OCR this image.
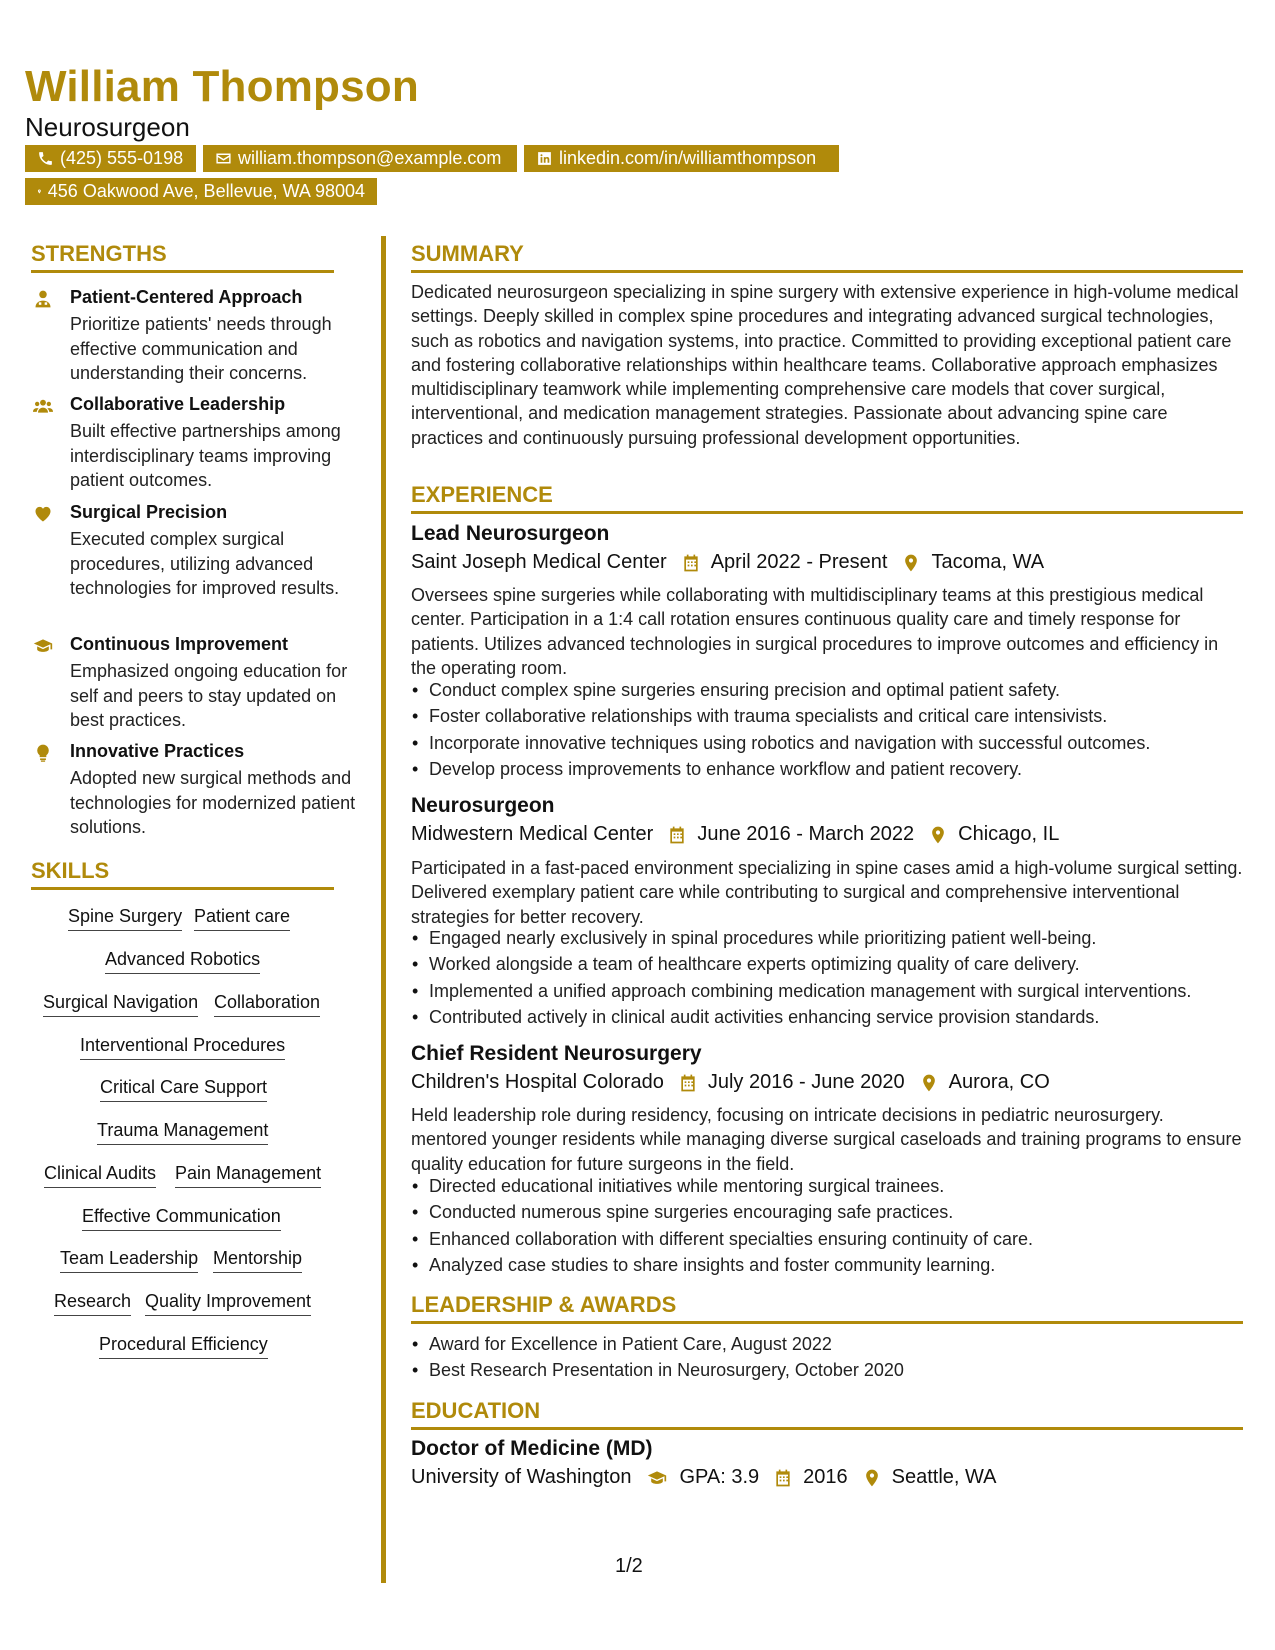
William Thompson
Neurosurgeon
(425) 555-0198	william.thompson@example.com	linkedin.com/in/williamthompson
456 Oakwood Ave, Bellevue, WA 98004
STRENGTHS
Patient-Centered Approach
Prioritize patients' needs through effective communication and understanding their concerns.
Collaborative Leadership
Built effective partnerships among interdisciplinary teams improving patient outcomes.
Surgical Precision
Executed complex surgical procedures, utilizing advanced technologies for improved results.
Continuous Improvement
Emphasized ongoing education for self and peers to stay updated on best practices.
Innovative Practices
Adopted new surgical methods and technologies for modernized patient solutions.
SKILLS
Spine Surgery Patient care
Advanced Robotics
Surgical Navigation Collaboration
Interventional Procedures
Critical Care Support
Trauma Management
Clinical Audits Pain Management
Effective Communication
Team Leadership Mentorship
Research Quality Improvement
Procedural Efficiency
SUMMARY
Dedicated neurosurgeon specializing in spine surgery with extensive experience in high-volume medical settings. Deeply skilled in complex spine procedures and integrating advanced surgical technologies, such as robotics and navigation systems, into practice. Committed to providing exceptional patient care and fostering collaborative relationships within healthcare teams. Collaborative approach emphasizes multidisciplinary teamwork while implementing comprehensive care models that cover surgical, interventional, and medication management strategies. Passionate about advancing spine care practices and continuously pursuing professional development opportunities.
EXPERIENCE
Lead Neurosurgeon
Saint Joseph Medical Center April 2022 - Present Tacoma, WA
Oversees spine surgeries while collaborating with multidisciplinary teams at this prestigious medical center. Participation in a 1:4 call rotation ensures continuous quality care and timely response for patients. Utilizes advanced technologies in surgical procedures to improve outcomes and efficiency in the operating room.
• Conduct complex spine surgeries ensuring precision and optimal patient safety.
• Foster collaborative relationships with trauma specialists and critical care intensivists.
• Incorporate innovative techniques using robotics and navigation with successful outcomes.
• Develop process improvements to enhance workflow and patient recovery.
Neurosurgeon
Midwestern Medical Center June 2016 - March 2022 Chicago, IL
Participated in a fast-paced environment specializing in spine cases amid a high-volume surgical setting. Delivered exemplary patient care while contributing to surgical and comprehensive interventional strategies for better recovery.
• Engaged nearly exclusively in spinal procedures while prioritizing patient well-being.
• Worked alongside a team of healthcare experts optimizing quality of care delivery.
• Implemented a unified approach combining medication management with surgical interventions.
• Contributed actively in clinical audit activities enhancing service provision standards.
Chief Resident Neurosurgery
Children's Hospital Colorado July 2016 - June 2020 Aurora, CO
Held leadership role during residency, focusing on intricate decisions in pediatric neurosurgery. mentored younger residents while managing diverse surgical caseloads and training programs to ensure quality education for future surgeons in the field.
• Directed educational initiatives while mentoring surgical trainees.
• Conducted numerous spine surgeries encouraging safe practices.
• Enhanced collaboration with different specialties ensuring continuity of care.
• Analyzed case studies to share insights and foster community learning.
LEADERSHIP & AWARDS
• Award for Excellence in Patient Care, August 2022
• Best Research Presentation in Neurosurgery, October 2020
EDUCATION
Doctor of Medicine (MD)
University of Washington GPA: 3.9 2016 Seattle, WA
1/2
